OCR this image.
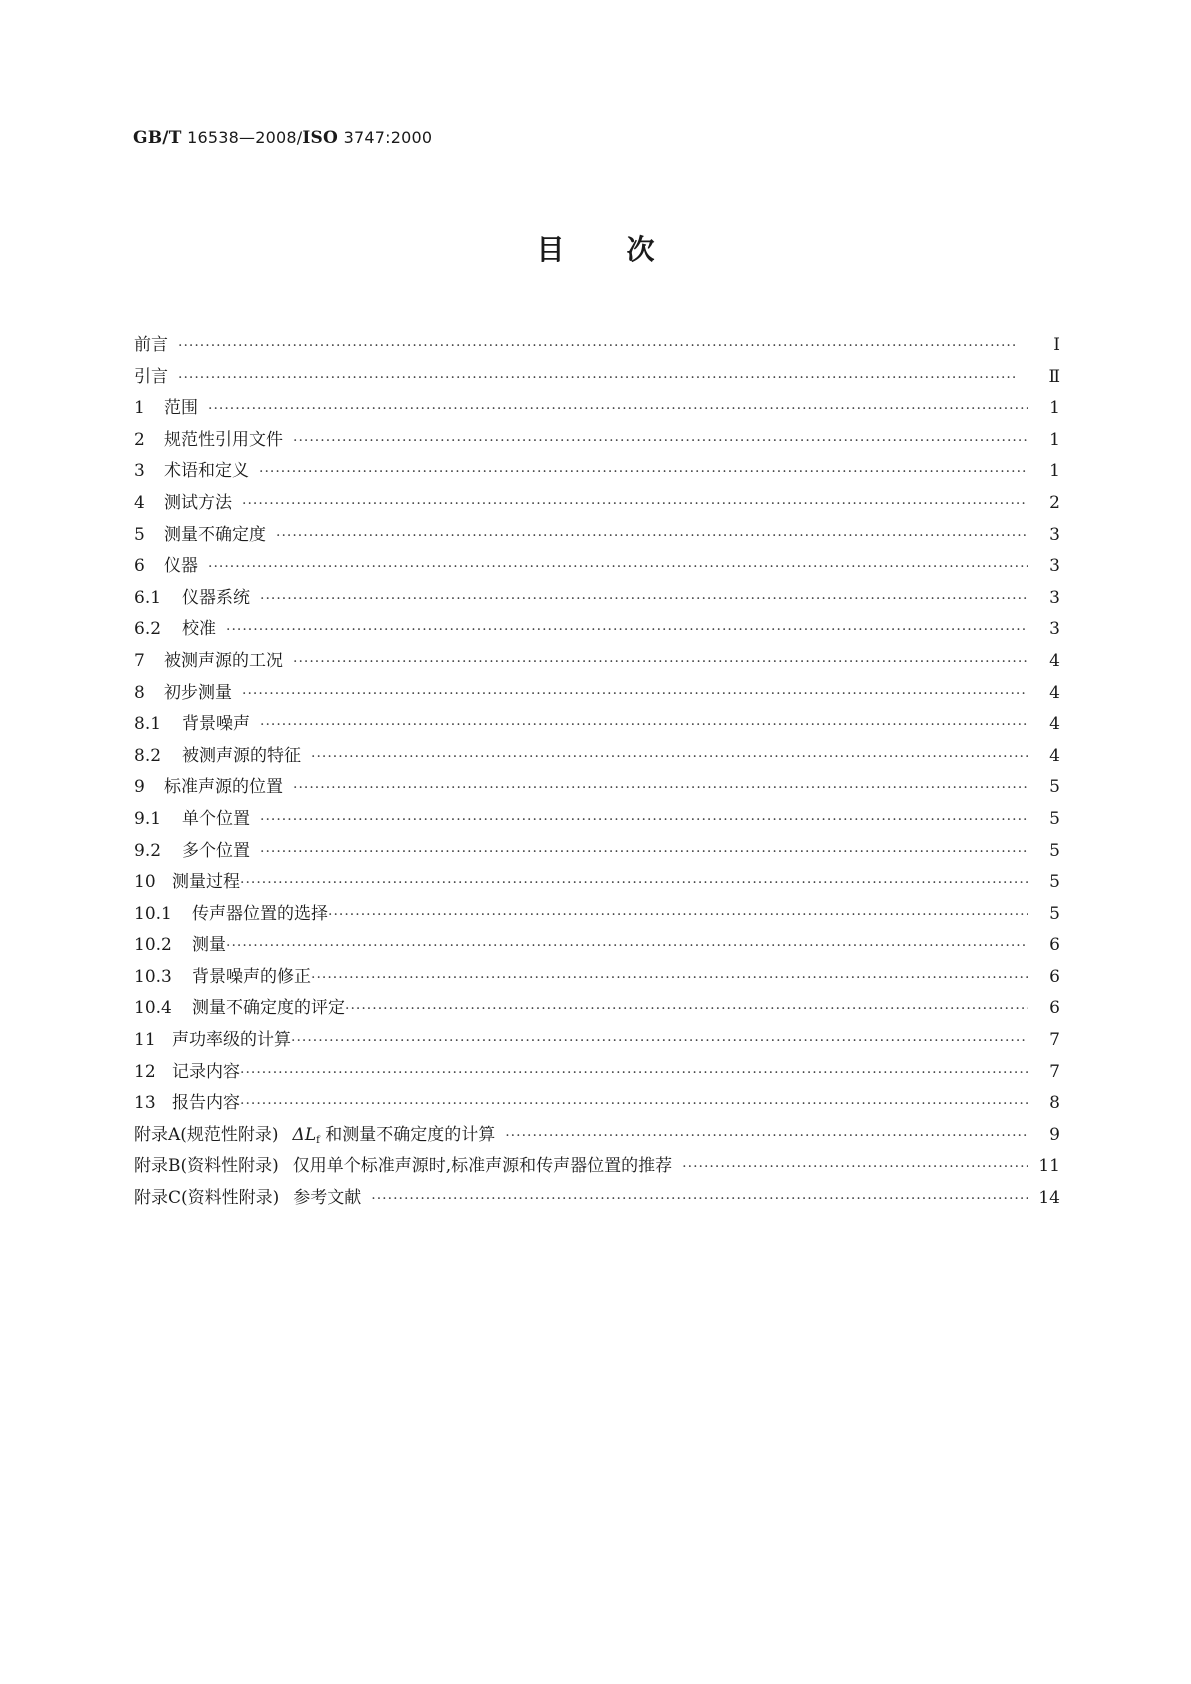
GB/T 16538—2008/ISO 3747:2000
目次
前言 ·····	Ⅰ
引言 ·····	Ⅱ
1	范围 ·····	1
2	规范性引用文件 ·····	1
3	术语和定义 ·····	1
4	测试方法 ·····	2
5	测量不确定度 ·····	3
6	仪器 ·····	3
6.1	仪器系统 ·····	3
6.2	校准 ·····	3
7	被测声源的工况 ·····	4
8	初步测量 ·····	4
8.1	背景噪声 ·····	4
8.2	被测声源的特征 ·····	4
9	标准声源的位置 ·····	5
9.1	单个位置 ·····	5
9.2	多个位置 ·····	5
10 测量过程 ·····	5
10.1	传声器位置的选择 ·····	5
10.2	测量 ·····	6
10.3	背景噪声的修正 ·····	6
10.4	测量不确定度的评定 ·····	6
11 声功率级的计算 ·····	7
12 记录内容 ·····	7
13 报告内容 ·····	8
附录A(规范性附录) $\Delta L_f$ 和测量不确定度的计算 ·····	9
附录B(资料性附录) 仅用单个标准声源时,标准声源和传声器位置的推荐 ·····	11
附录C(资料性附录) 参考文献 ·····	14
